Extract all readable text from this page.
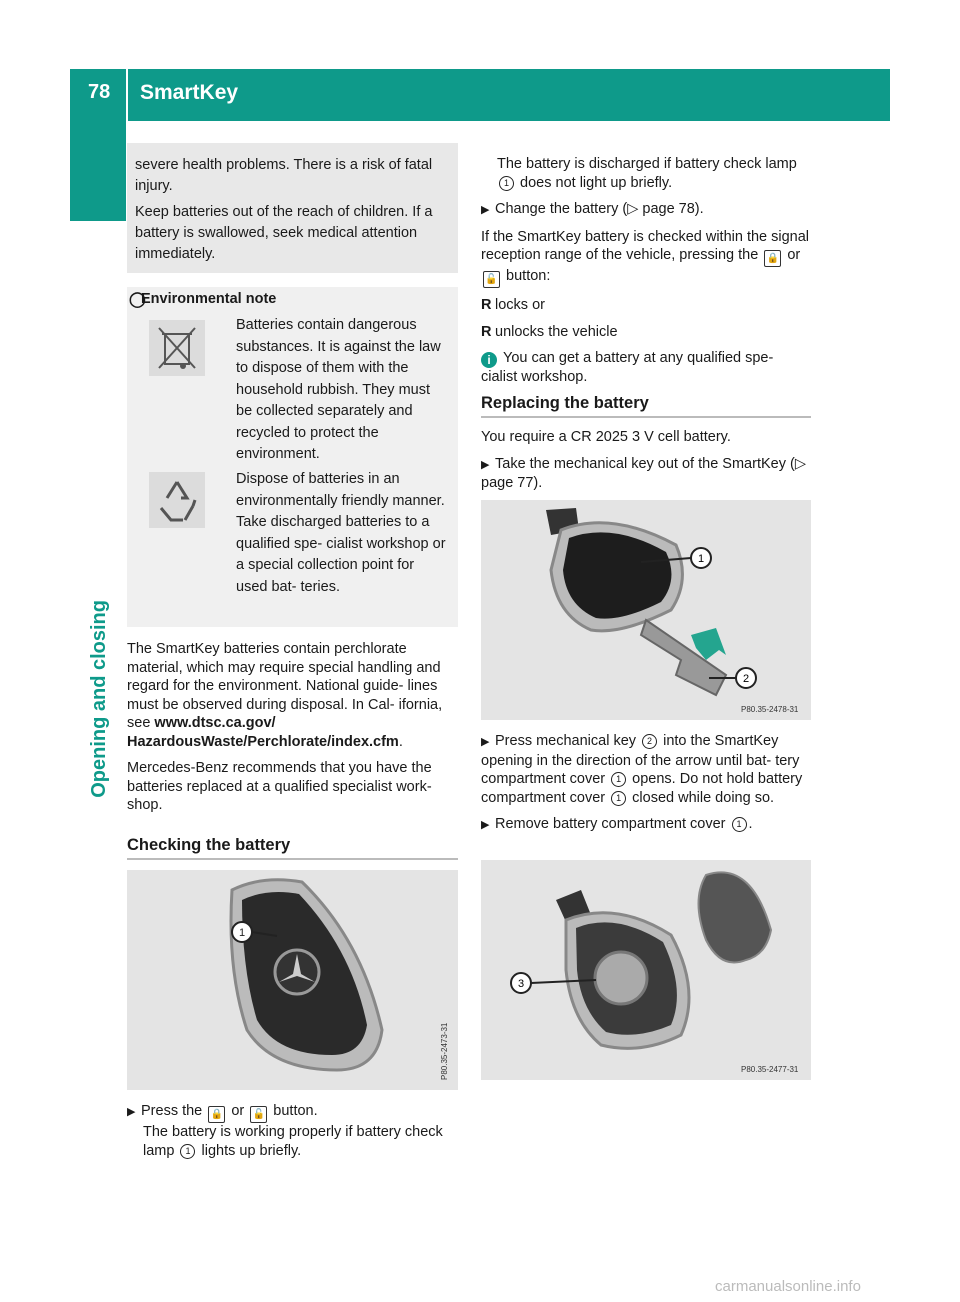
78 SmartKey
Opening and closing

severe health problems. There is a risk of fatal injury.

Keep batteries out of the reach of children. If a battery is swallowed, seek medical attention immediately.

◯
Environmental note
Batteries contain dangerous substances. It is against the law to dispose of them with the household rubbish. They must be collected separately and recycled to protect the environment.
Dispose of batteries in an environmentally friendly manner. Take discharged batteries to a qualified spe- cialist workshop or a special collection point for used bat- teries.

The SmartKey batteries contain perchlorate material, which may require special handling and regard for the environment. National guide- lines must be observed during disposal. In Cal- ifornia, see www.dtsc.ca.gov/ HazardousWaste/Perchlorate/index.cfm.

Mercedes-Benz recommends that you have the batteries replaced at a qualified specialist work- shop.

Checking the battery
1
P80.35-2473-31
▶ Press the 🔒 or 🔓 button.
The battery is working properly if battery check lamp 1 lights up briefly.

The battery is discharged if battery check lamp 1 does not light up briefly.

▶ Change the battery (▷ page 78).

If the SmartKey battery is checked within the signal reception range of the vehicle, pressing the 🔒 or 🔓 button:

R locks or

R unlocks the vehicle

i You can get a battery at any qualified spe- cialist workshop.

Replacing the battery

You require a CR 2025 3 V cell battery.

▶ Take the mechanical key out of the SmartKey (▷ page 77).

1
2
P80.35-2478-31

▶ Press mechanical key 2 into the SmartKey opening in the direction of the arrow until bat- tery compartment cover 1 opens. Do not hold battery compartment cover 1 closed while doing so.

▶ Remove battery compartment cover 1 .

3
P80.35-2477-31
carmanualsonline.info
